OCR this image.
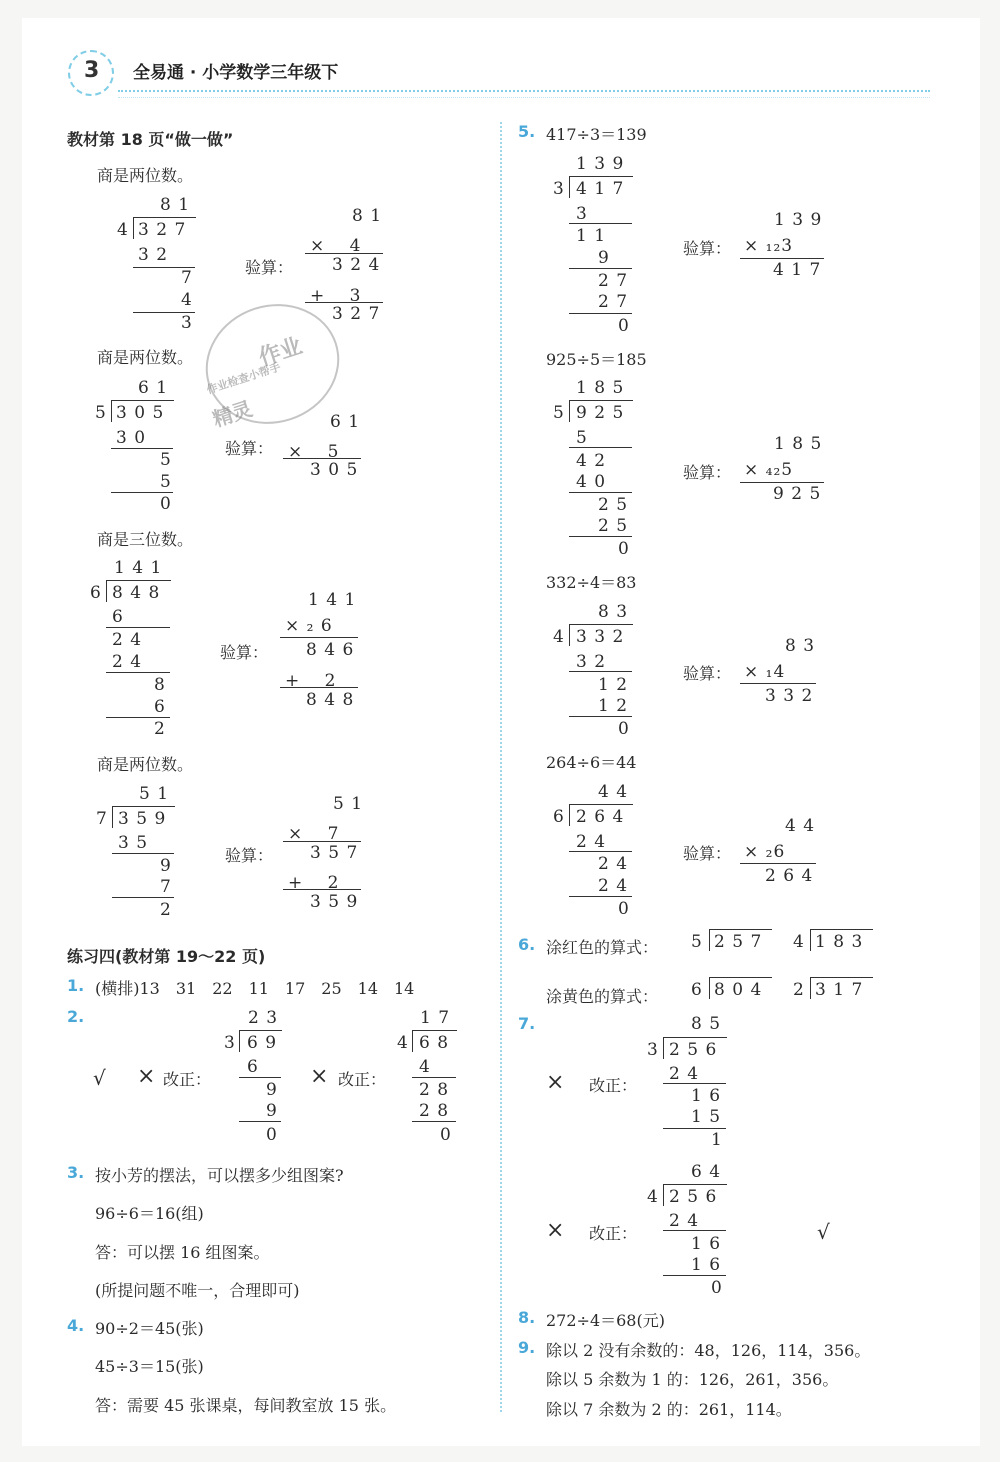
3 全易通 · 小学数学三年级下
作业
作业检查小帮手
精灵
教材第 18 页“做一做”
商是两位数。
8 1
4 3 2 7
3 2
7
4
3
验算：
8 1
× 　4
3 2 4
+ 　3
3 2 7
商是两位数。
6 1
5 3 0 5
3 0
5
5
0
验算：
6 1
× 　5
3 0 5
商是三位数。
1 4 1
6 8 4 8
6
2 4
2 4
8
6
2
验算：
1 4 1
× ₂ 6
8 4 6
+ 　2
8 4 8
商是两位数。
5 1
7 3 5 9
3 5
9
7
2
验算：
5 1
× 　7
3 5 7
+ 　2
3 5 9
练习四(教材第 19～22 页)
1. (横排)13　31　22　11　17　25　14　14
2.
√ × 改正：
2 3
3 6 9
6
9
9
0
× 改正：
1 7
4 6 8
4
2 8
2 8
0
3. 按小芳的摆法，可以摆多少组图案?
96÷6＝16(组)
答：可以摆 16 组图案。
(所提问题不唯一，合理即可)
4. 90÷2＝45(张)
45÷3＝15(张)
答：需要 45 张课桌，每间教室放 15 张。
5. 417÷3＝139
1 3 9
3 4 1 7
3
1 1
9
2 7
2 7
0
验算：
1 3 9
× ₁₂3
4 1 7
925÷5＝185
1 8 5
5 9 2 5
5
4 2
4 0
2 5
2 5
0
验算：
1 8 5
× ₄₂5
9 2 5
332÷4＝83
8 3
4 3 3 2
3 2
1 2
1 2
0
验算：
8 3
× ₁4
3 3 2
264÷6＝44
4 4
6 2 6 4
2 4
2 4
2 4
0
验算：
4 4
× ₂6
2 6 4
6. 涂红色的算式： 5 2 5 7 4 1 8 3
涂黄色的算式： 6 8 0 4 2 3 1 7
7.
× 改正：
8 5
3 2 5 6
2 4
1 6
1 5
1
× 改正：
6 4
4 2 5 6
2 4
1 6
1 6
0
√
8. 272÷4＝68(元)
9. 除以 2 没有余数的：48，126，114，356。
除以 5 余数为 1 的：126，261，356。
除以 7 余数为 2 的：261，114。
